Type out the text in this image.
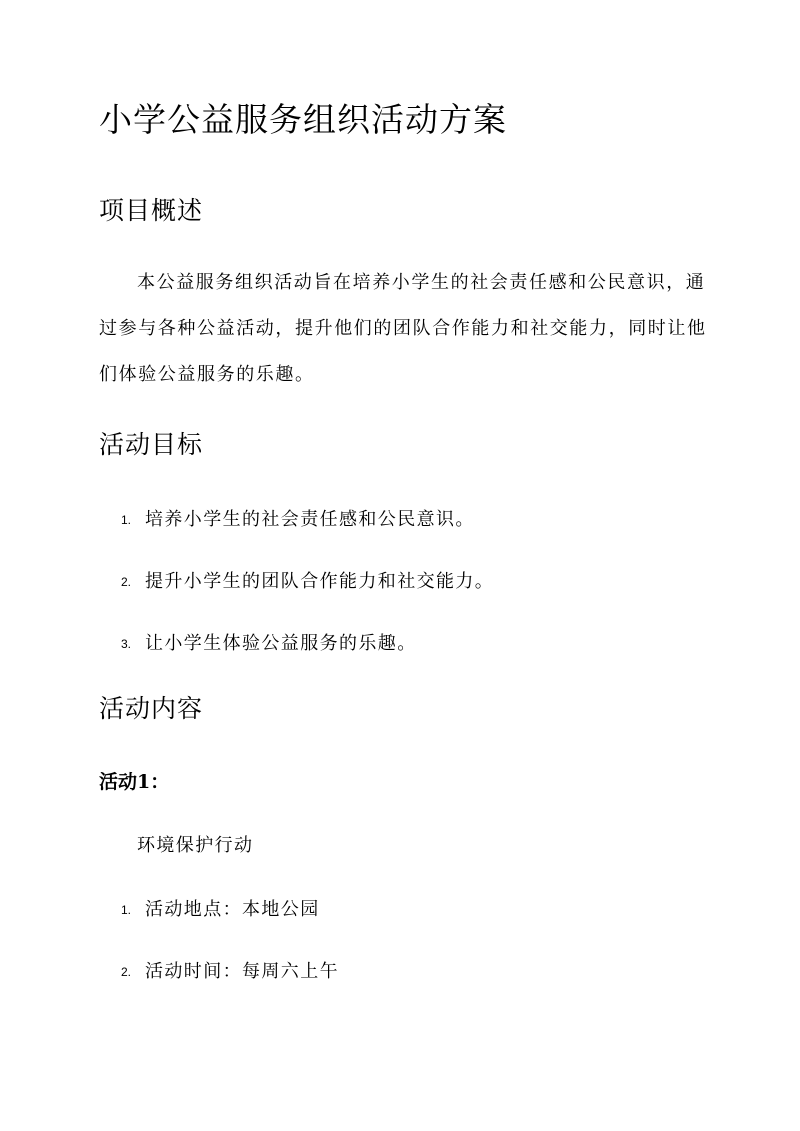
小学公益服务组织活动方案
项目概述

本公益服务组织活动旨在培养小学生的社会责任感和公民意识，通过参与各种公益活动，提升他们的团队合作能力和社交能力，同时让他们体验公益服务的乐趣。

活动目标
1. 培养小学生的社会责任感和公民意识。
2. 提升小学生的团队合作能力和社交能力。
3. 让小学生体验公益服务的乐趣。
活动内容
活动1：

环境保护行动

1. 活动地点：本地公园
2. 活动时间：每周六上午
